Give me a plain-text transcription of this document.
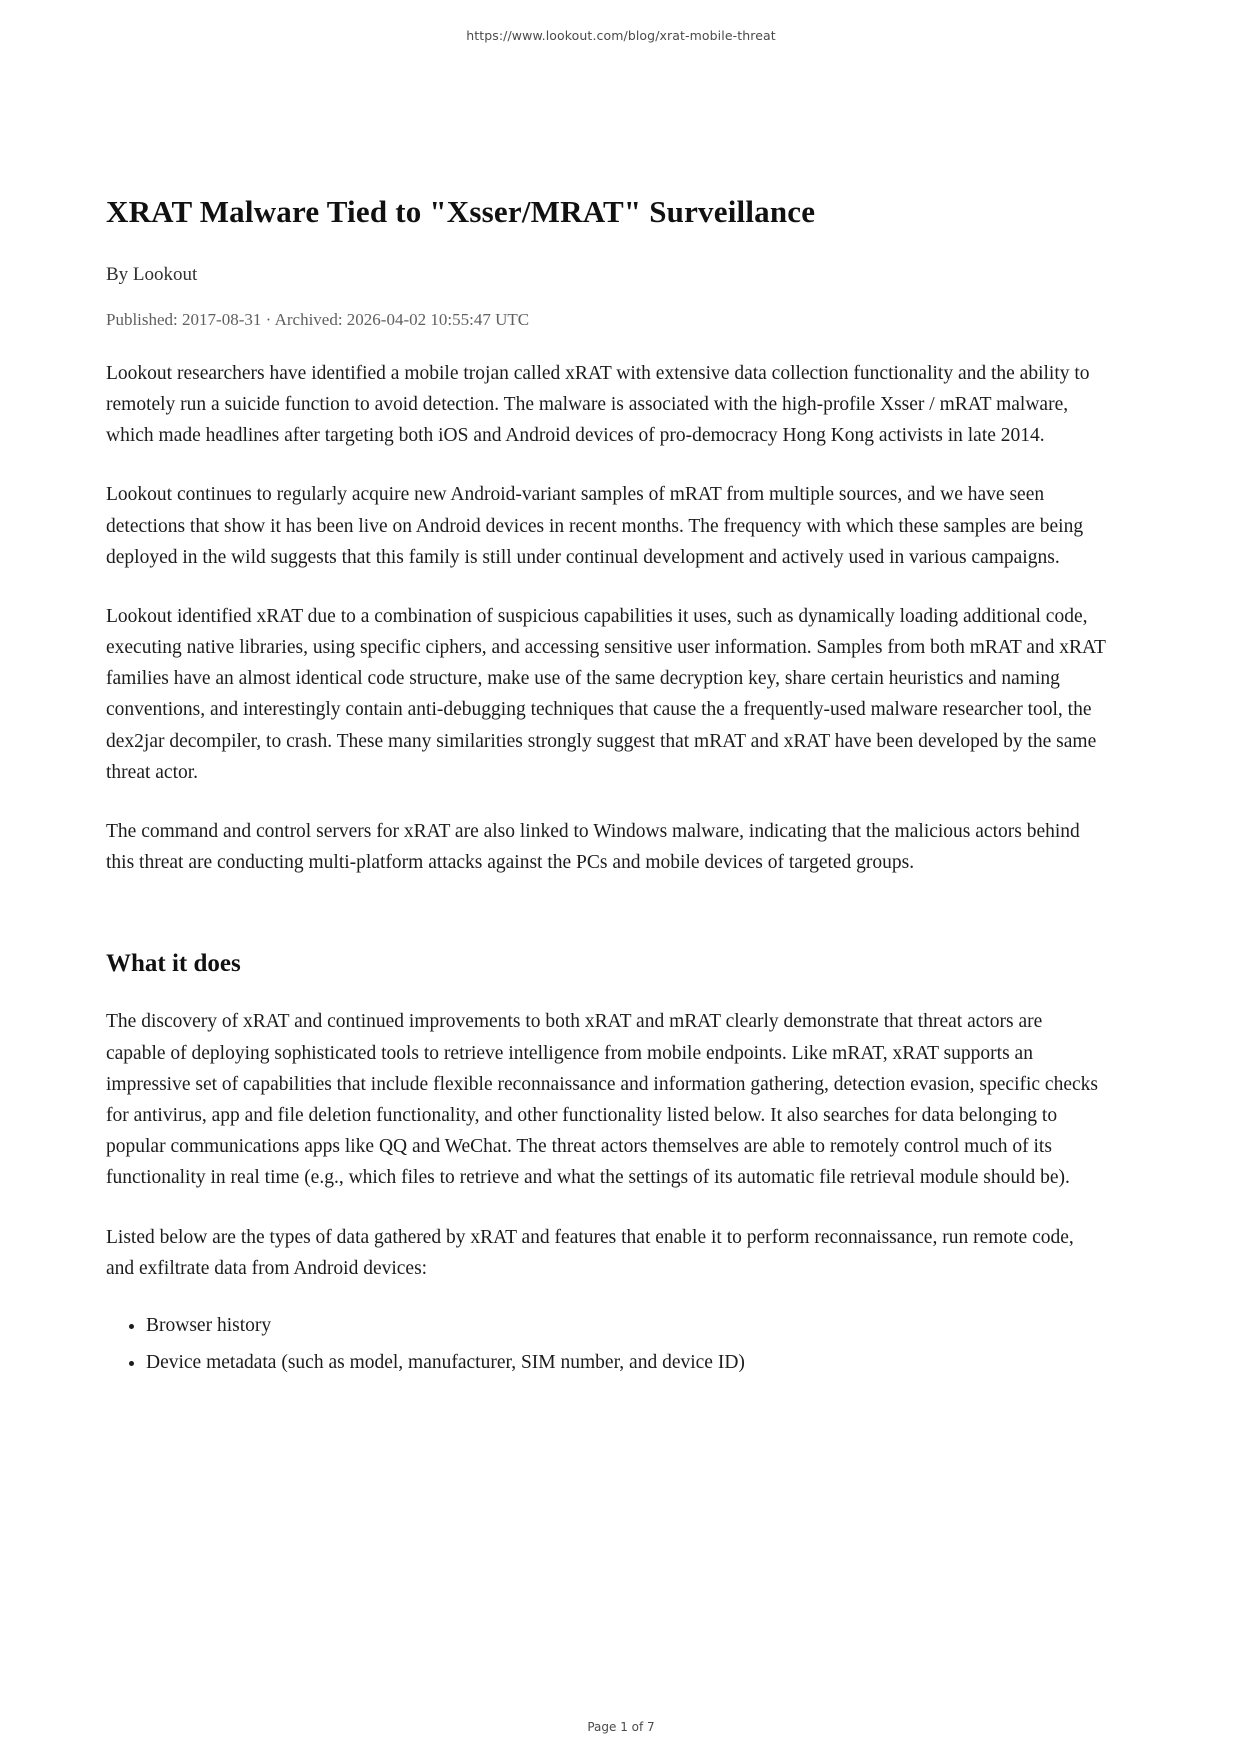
https://www.lookout.com/blog/xrat-mobile-threat
XRAT Malware Tied to "Xsser/MRAT" Surveillance
By Lookout
Published: 2017-08-31 · Archived: 2026-04-02 10:55:47 UTC

Lookout researchers have identified a mobile trojan called xRAT with extensive data collection functionality and the ability to remotely run a suicide function to avoid detection. The malware is associated with the high-profile Xsser / mRAT malware, which made headlines after targeting both iOS and Android devices of pro-democracy Hong Kong activists in late 2014.

Lookout continues to regularly acquire new Android-variant samples of mRAT from multiple sources, and we have seen detections that show it has been live on Android devices in recent months. The frequency with which these samples are being deployed in the wild suggests that this family is still under continual development and actively used in various campaigns.

Lookout identified xRAT due to a combination of suspicious capabilities it uses, such as dynamically loading additional code, executing native libraries, using specific ciphers, and accessing sensitive user information. Samples from both mRAT and xRAT families have an almost identical code structure, make use of the same decryption key, share certain heuristics and naming conventions, and interestingly contain anti-debugging techniques that cause the a frequently-used malware researcher tool, the dex2jar decompiler, to crash. These many similarities strongly suggest that mRAT and xRAT have been developed by the same threat actor.

The command and control servers for xRAT are also linked to Windows malware, indicating that the malicious actors behind this threat are conducting multi-platform attacks against the PCs and mobile devices of targeted groups.

What it does

The discovery of xRAT and continued improvements to both xRAT and mRAT clearly demonstrate that threat actors are capable of deploying sophisticated tools to retrieve intelligence from mobile endpoints. Like mRAT, xRAT supports an impressive set of capabilities that include flexible reconnaissance and information gathering, detection evasion, specific checks for antivirus, app and file deletion functionality, and other functionality listed below. It also searches for data belonging to popular communications apps like QQ and WeChat. The threat actors themselves are able to remotely control much of its functionality in real time (e.g., which files to retrieve and what the settings of its automatic file retrieval module should be).

Listed below are the types of data gathered by xRAT and features that enable it to perform reconnaissance, run remote code, and exfiltrate data from Android devices:

• Browser history
• Device metadata (such as model, manufacturer, SIM number, and device ID)
Page 1 of 7
